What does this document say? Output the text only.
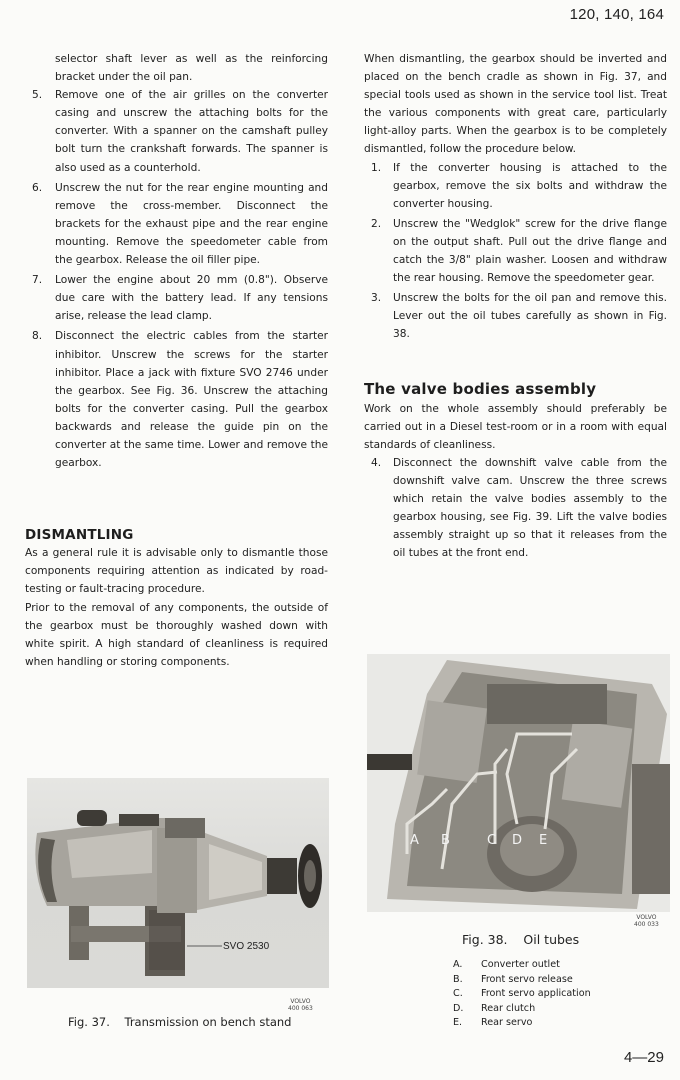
120, 140, 164

selector shaft lever as well as the reinforcing bracket under the oil pan.

5.	Remove one of the air grilles on the converter casing and unscrew the attaching bolts for the converter. With a spanner on the camshaft pulley bolt turn the crankshaft forwards. The spanner is also used as a counterhold.
6.	Unscrew the nut for the rear engine mounting and remove the cross-member. Disconnect the brackets for the exhaust pipe and the rear engine mounting. Remove the speedometer cable from the gearbox. Release the oil filler pipe.
7.	Lower the engine about 20 mm (0.8"). Observe due care with the battery lead. If any tensions arise, release the lead clamp.
8.	Disconnect the electric cables from the starter inhibitor. Unscrew the screws for the starter inhibitor. Place a jack with fixture SVO 2746 under the gearbox. See Fig. 36. Unscrew the attaching bolts for the converter casing. Pull the gearbox backwards and release the guide pin on the converter at the same time. Lower and remove the gearbox.
DISMANTLING

As a general rule it is advisable only to dismantle those components requiring attention as indicated by road-testing or fault-tracing procedure.

Prior to the removal of any components, the outside of the gearbox must be thoroughly washed down with white spirit. A high standard of cleanliness is required when handling or storing components.

When dismantling, the gearbox should be inverted and placed on the bench cradle as shown in Fig. 37, and special tools used as shown in the service tool list. Treat the various components with great care, particularly light-alloy parts. When the gearbox is to be completely dismantled, follow the procedure below.

1.	If the converter housing is attached to the gearbox, remove the six bolts and withdraw the converter housing.
2.	Unscrew the "Wedglok" screw for the drive flange on the output shaft. Pull out the drive flange and catch the 3/8" plain washer. Loosen and withdraw the rear housing. Remove the speedometer gear.
3.	Unscrew the bolts for the oil pan and remove this. Lever out the oil tubes carefully as shown in Fig. 38.
The valve bodies assembly

Work on the whole assembly should preferably be carried out in a Diesel test-room or in a room with equal standards of cleanliness.

4.	Disconnect the downshift valve cable from the downshift valve cam. Unscrew the three screws which retain the valve bodies assembly to the gearbox housing, see Fig. 39. Lift the valve bodies assembly straight up so that it releases from the oil tubes at the front end.
SVO 2530
VOLVO
400 063
Fig. 37.    Transmission on bench stand
A B	C D E
VOLVO
400 033
Fig. 38.    Oil tubes
A.	Converter outlet
B.	Front servo release
C.	Front servo application
D.	Rear clutch
E.	Rear servo
4—29
